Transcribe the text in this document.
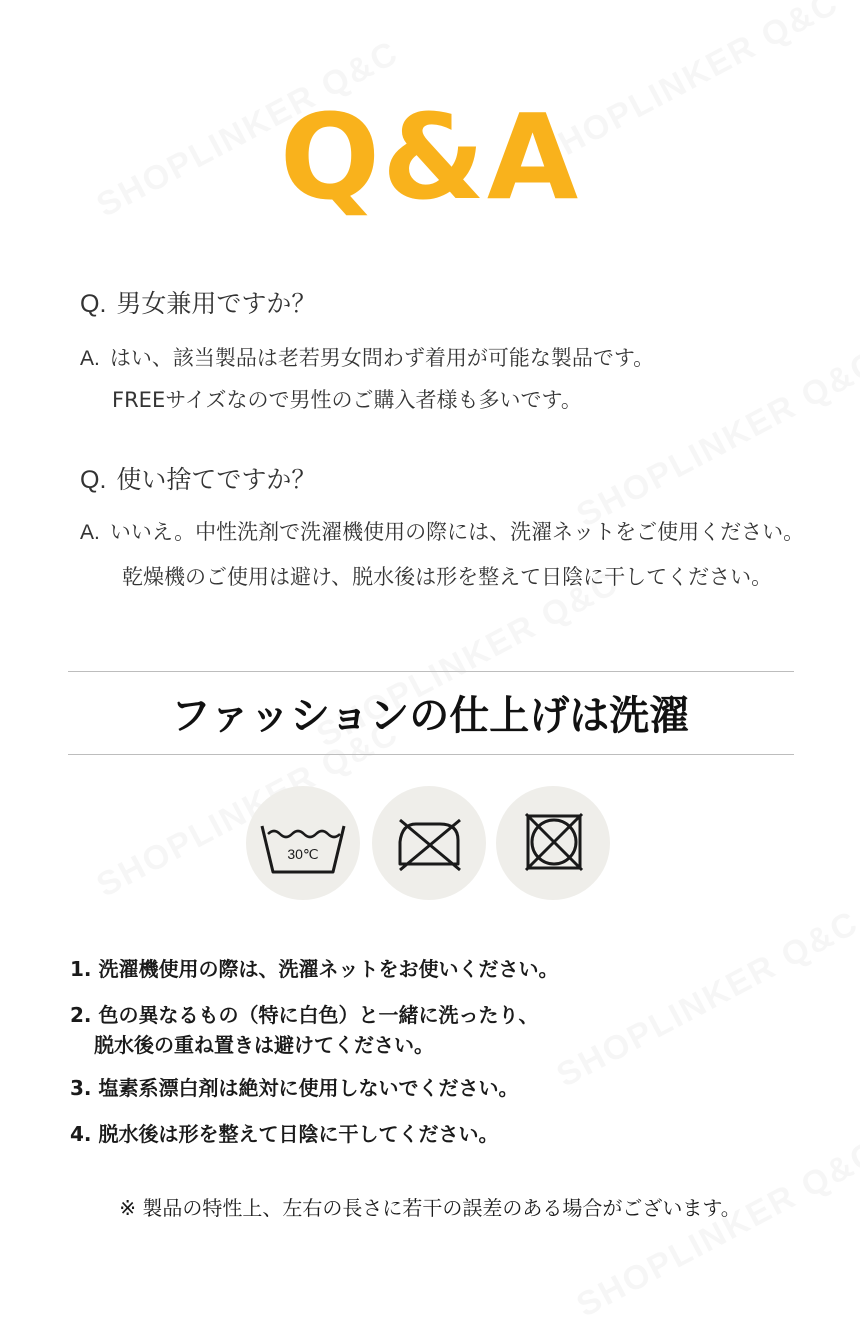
Q&A
Q. 男女兼用ですか？
A. はい、該当製品は老若男女問わず着用が可能な製品です。
FREEサイズなので男性のご購入者様も多いです。
Q. 使い捨てですか？
A. いいえ。中性洗剤で洗濯機使用の際には、洗濯ネットをご使用ください。
乾燥機のご使用は避け、脱水後は形を整えて日陰に干してください。
ファッションの仕上げは洗濯
30℃
1. 洗濯機使用の際は、洗濯ネットをお使いください。
2. 色の異なるもの（特に白色）と一緒に洗ったり、
脱水後の重ね置きは避けてください。
3. 塩素系漂白剤は絶対に使用しないでください。
4. 脱水後は形を整えて日陰に干してください。
※ 製品の特性上、左右の長さに若干の誤差のある場合がございます。
